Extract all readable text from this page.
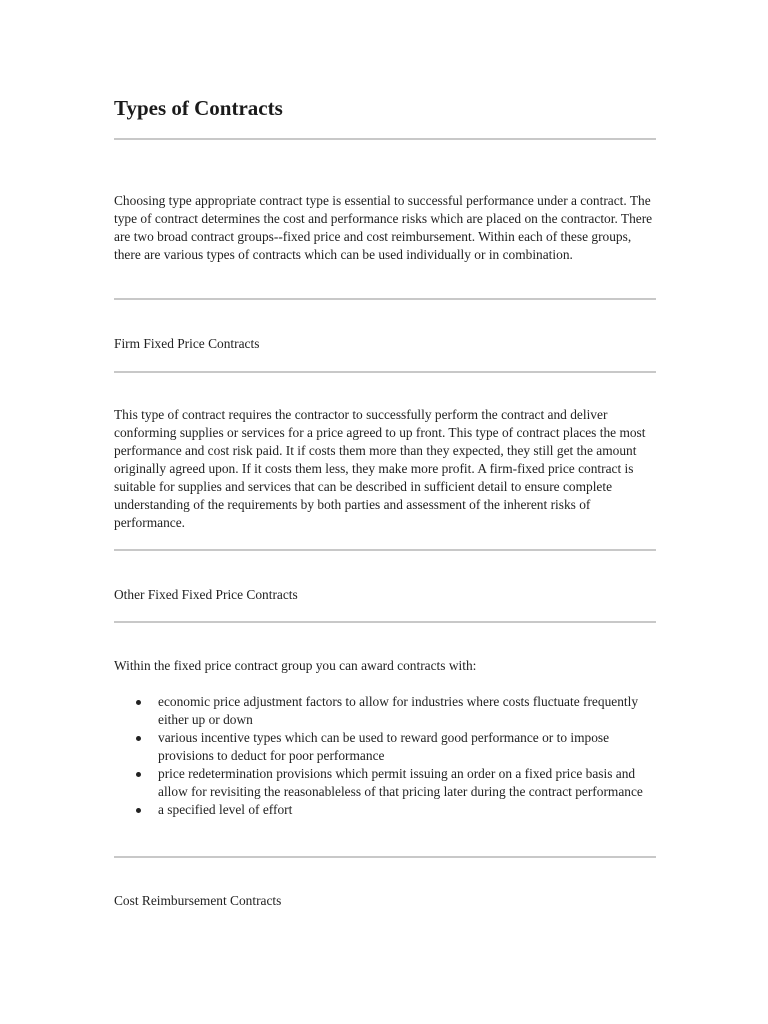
Types of Contracts

Choosing type appropriate contract type is essential to successful performance under a contract. The type of contract determines the cost and performance risks which are placed on the contractor. There are two broad contract groups--fixed price and cost reimbursement. Within each of these groups, there are various types of contracts which can be used individually or in combination.

Firm Fixed Price Contracts

This type of contract requires the contractor to successfully perform the contract and deliver conforming supplies or services for a price agreed to up front. This type of contract places the most performance and cost risk paid. It if costs them more than they expected, they still get the amount originally agreed upon. If it costs them less, they make more profit. A firm-fixed price contract is suitable for supplies and services that can be described in sufficient detail to ensure complete understanding of the requirements by both parties and assessment of the inherent risks of performance.

Other Fixed Fixed Price Contracts

Within the fixed price contract group you can award contracts with:

economic price adjustment factors to allow for industries where costs fluctuate frequently either up or down
various incentive types which can be used to reward good performance or to impose provisions to deduct for poor performance
price redetermination provisions which permit issuing an order on a fixed price basis and allow for revisiting the reasonableless of that pricing later during the contract performance
a specified level of effort
Cost Reimbursement Contracts
